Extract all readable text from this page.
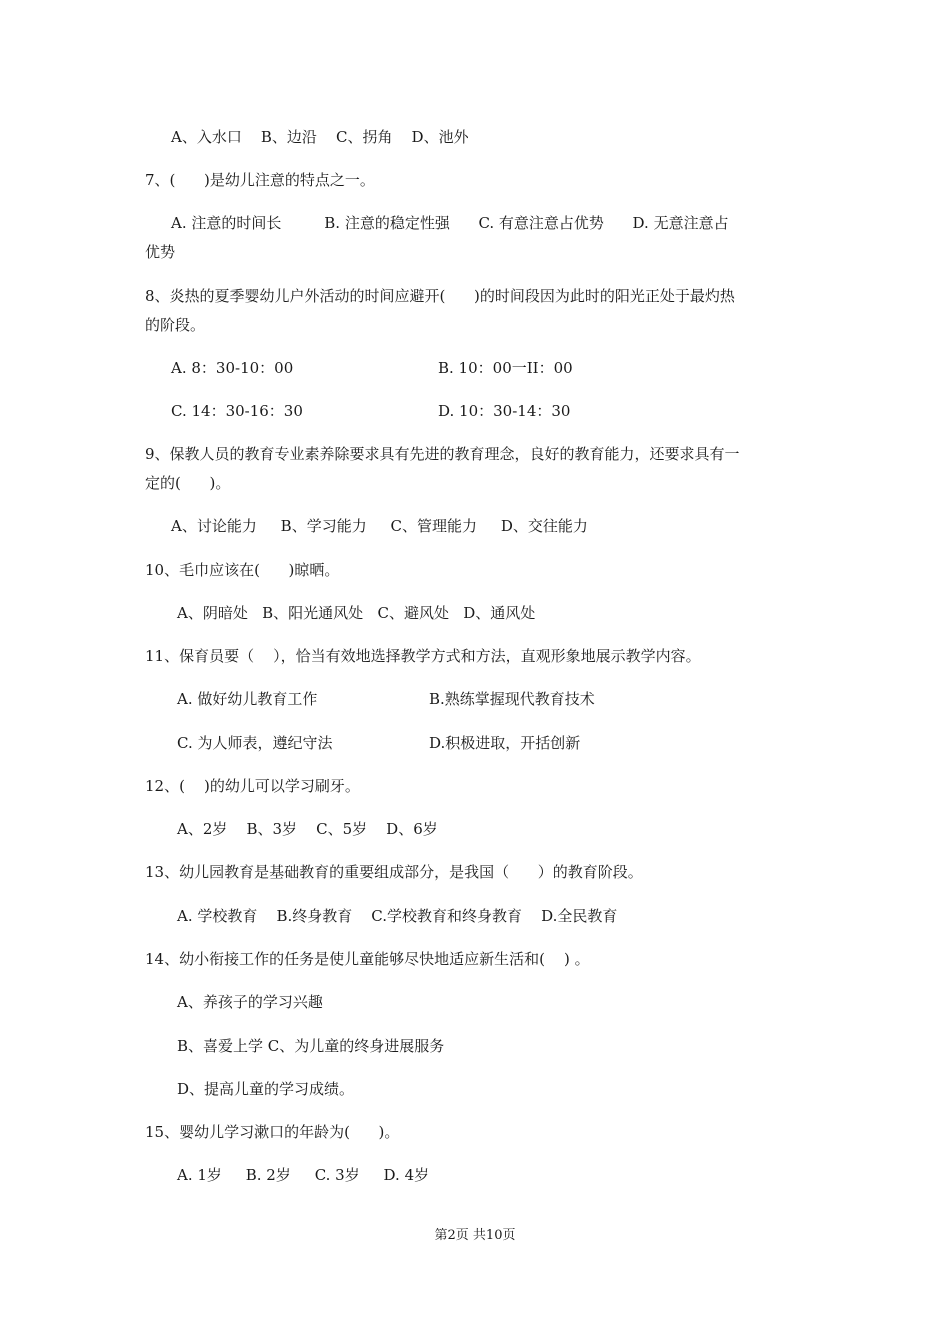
A、入水口    B、边沿    C、拐角    D、池外
7、(      )是幼儿注意的特点之一。
A. 注意的时间长         B. 注意的稳定性强      C. 有意注意占优势      D. 无意注意占
优势
8、炎热的夏季婴幼儿户外活动的时间应避开(      )的时间段因为此时的阳光正处于最灼热
的阶段。
A. 8：30-10：00	B. 10：00一II：00
C. 14：30-16：30	D. 10：30-14：30
9、保教人员的教育专业素养除要求具有先进的教育理念，良好的教育能力，还要求具有一
定的(      )。
A、讨论能力     B、学习能力     C、管理能力     D、交往能力
10、毛巾应该在(      )晾晒。
A、阴暗处   B、阳光通风处   C、避风处   D、通风处
11、保育员要（    ），恰当有效地选择教学方式和方法，直观形象地展示教学内容。
A. 做好幼儿教育工作	B.熟练掌握现代教育技术
C. 为人师表，遵纪守法	D.积极进取，开括创新
12、(    )的幼儿可以学习刷牙。
A、2岁    B、3岁    C、5岁    D、6岁
13、幼儿园教育是基础教育的重要组成部分，是我国（      ）的教育阶段。
A. 学校教育    B.终身教育    C.学校教育和终身教育    D.全民教育
14、幼小衔接工作的任务是使儿童能够尽快地适应新生活和(    ) 。
A、养孩子的学习兴趣
B、喜爱上学 C、为儿童的终身进展服务
D、提高儿童的学习成绩。
15、婴幼儿学习漱口的年龄为(      )。
A. 1岁     B. 2岁     C. 3岁     D. 4岁
第2页 共10页
